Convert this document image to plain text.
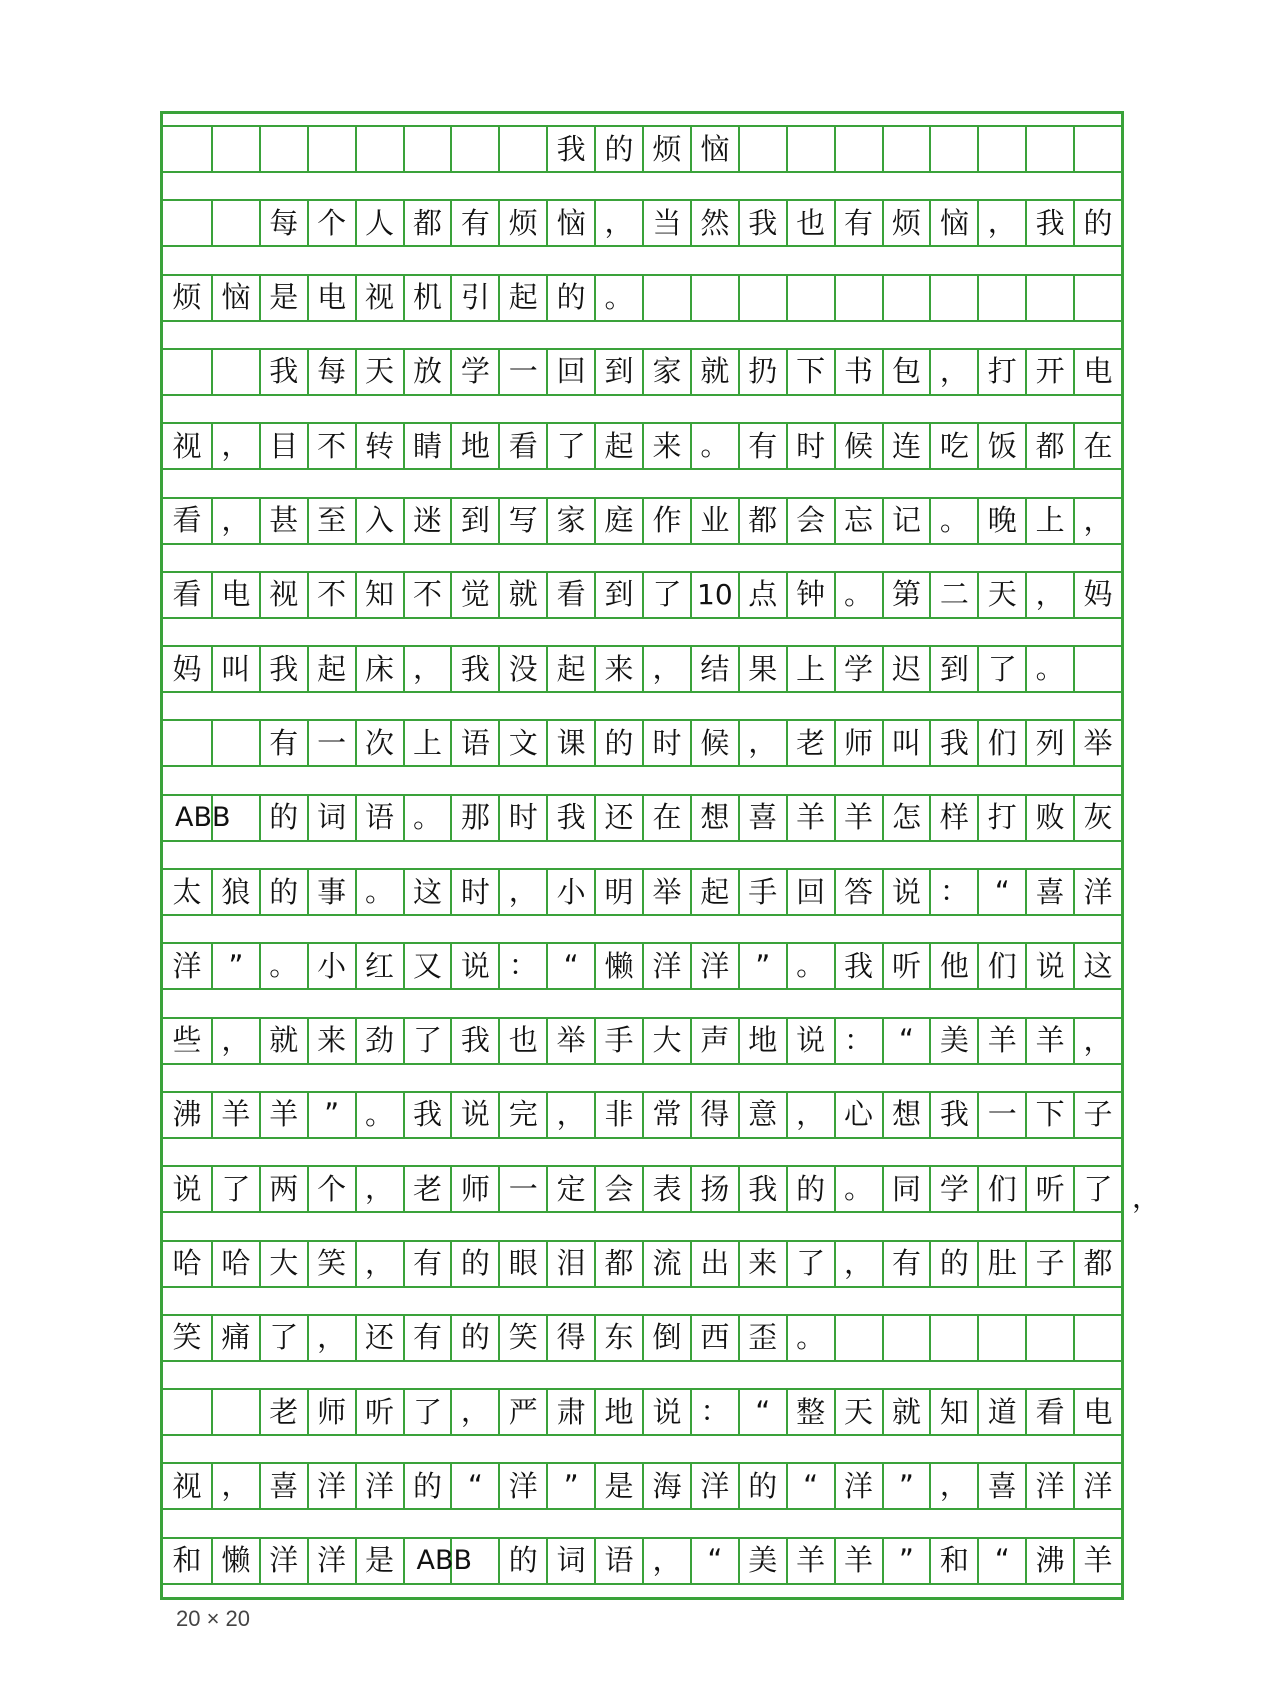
我 的 烦 恼
每 个 人 都 有 烦 恼 ， 当 然 我 也 有 烦 恼 ， 我 的
烦 恼 是 电 视 机 引 起 的 。
我 每 天 放 学 一 回 到 家 就 扔 下 书 包 ， 打 开 电
视 ， 目 不 转 睛 地 看 了 起 来 。 有 时 候 连 吃 饭 都 在
看 ， 甚 至 入 迷 到 写 家 庭 作 业 都 会 忘 记 。 晚 上 ，
看 电 视 不 知 不 觉 就 看 到 了 10 点 钟 。 第 二 天 ， 妈
妈 叫 我 起 床 ， 我 没 起 来 ， 结 果 上 学 迟 到 了 。
有 一 次 上 语 文 课 的 时 候 ， 老 师 叫 我 们 列 举
ABB	的 词 语 。 那 时 我 还 在 想 喜 羊 羊 怎 样 打 败 灰
太 狼 的 事 。 这 时 ， 小 明 举 起 手 回 答 说 ： “ 喜 洋
洋 ” 。 小 红 又 说 ： “ 懒 洋 洋 ” 。 我 听 他 们 说 这
些 ， 就 来 劲 了 我 也 举 手 大 声 地 说 ： “ 美 羊 羊 ，
沸 羊 羊 ” 。 我 说 完 ， 非 常 得 意 ， 心 想 我 一 下 子
说 了 两 个 ， 老 师 一 定 会 表 扬 我 的 。 同 学 们 听 了
哈 哈 大 笑 ， 有 的 眼 泪 都 流 出 来 了 ， 有 的 肚 子 都
笑 痛 了 ， 还 有 的 笑 得 东 倒 西 歪 。
老 师 听 了 ， 严 肃 地 说 ： “ 整 天 就 知 道 看 电
视 ， 喜 洋 洋 的 “ 洋 ” 是 海 洋 的 “ 洋 ” ， 喜 洋 洋
和 懒 洋 洋 是 ABB	的 词 语 ， “ 美 羊 羊 ” 和 “ 沸 羊
，
20 × 20
